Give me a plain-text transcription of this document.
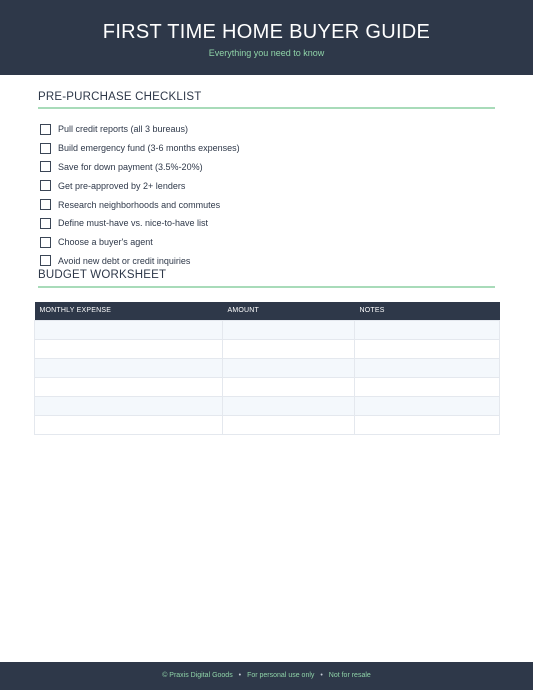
FIRST TIME HOME BUYER GUIDE
Everything you need to know
PRE-PURCHASE CHECKLIST
Pull credit reports (all 3 bureaus)
Build emergency fund (3-6 months expenses)
Save for down payment (3.5%-20%)
Get pre-approved by 2+ lenders
Research neighborhoods and commutes
Define must-have vs. nice-to-have list
Choose a buyer's agent
Avoid new debt or credit inquiries
BUDGET WORKSHEET
MONTHLY EXPENSE	AMOUNT	NOTES

© Praxis Digital Goods • For personal use only • Not for resale
